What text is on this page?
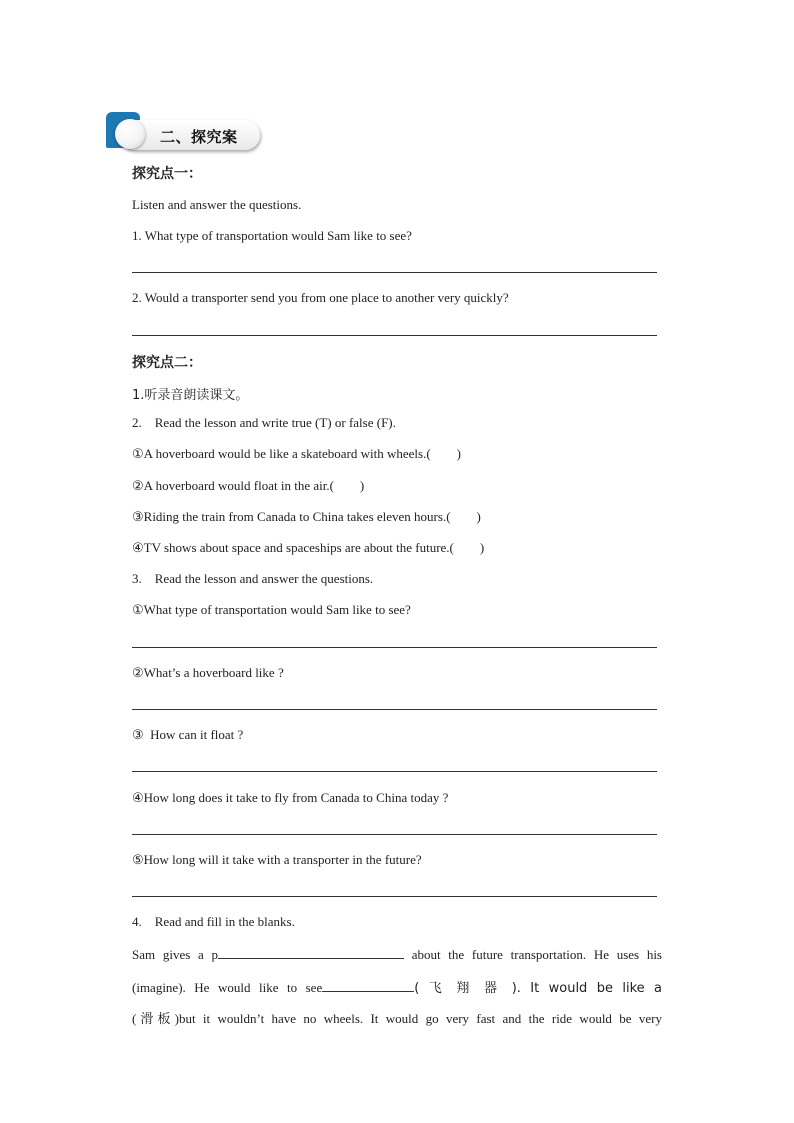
二、探究案
探究点一：
Listen and answer the questions.
1. What type of transportation would Sam like to see?
2. Would a transporter send you from one place to another very quickly?
探究点二：
1.听录音朗读课文。
2.    Read the lesson and write true (T) or false (F).
①A hoverboard would be like a skateboard with wheels.(        )
②A hoverboard would float in the air.(        )
③Riding the train from Canada to China takes eleven hours.(        )
④TV shows about space and spaceships are about the future.(        )
3.    Read the lesson and answer the questions.
①What type of transportation would Sam like to see?
②What’s a hoverboard like ?
③  How can it float ?
④How long does it take to fly from Canada to China today ?
⑤How long will it take with a transporter in the future?
4.    Read and fill in the blanks.
Sam gives a p	about the future transportation. He uses his
(imagine). He would like to see	( 飞 翔 器 ). It would be like a
(滑板)but it wouldn’t have no wheels. It would go very fast and the ride would be very
